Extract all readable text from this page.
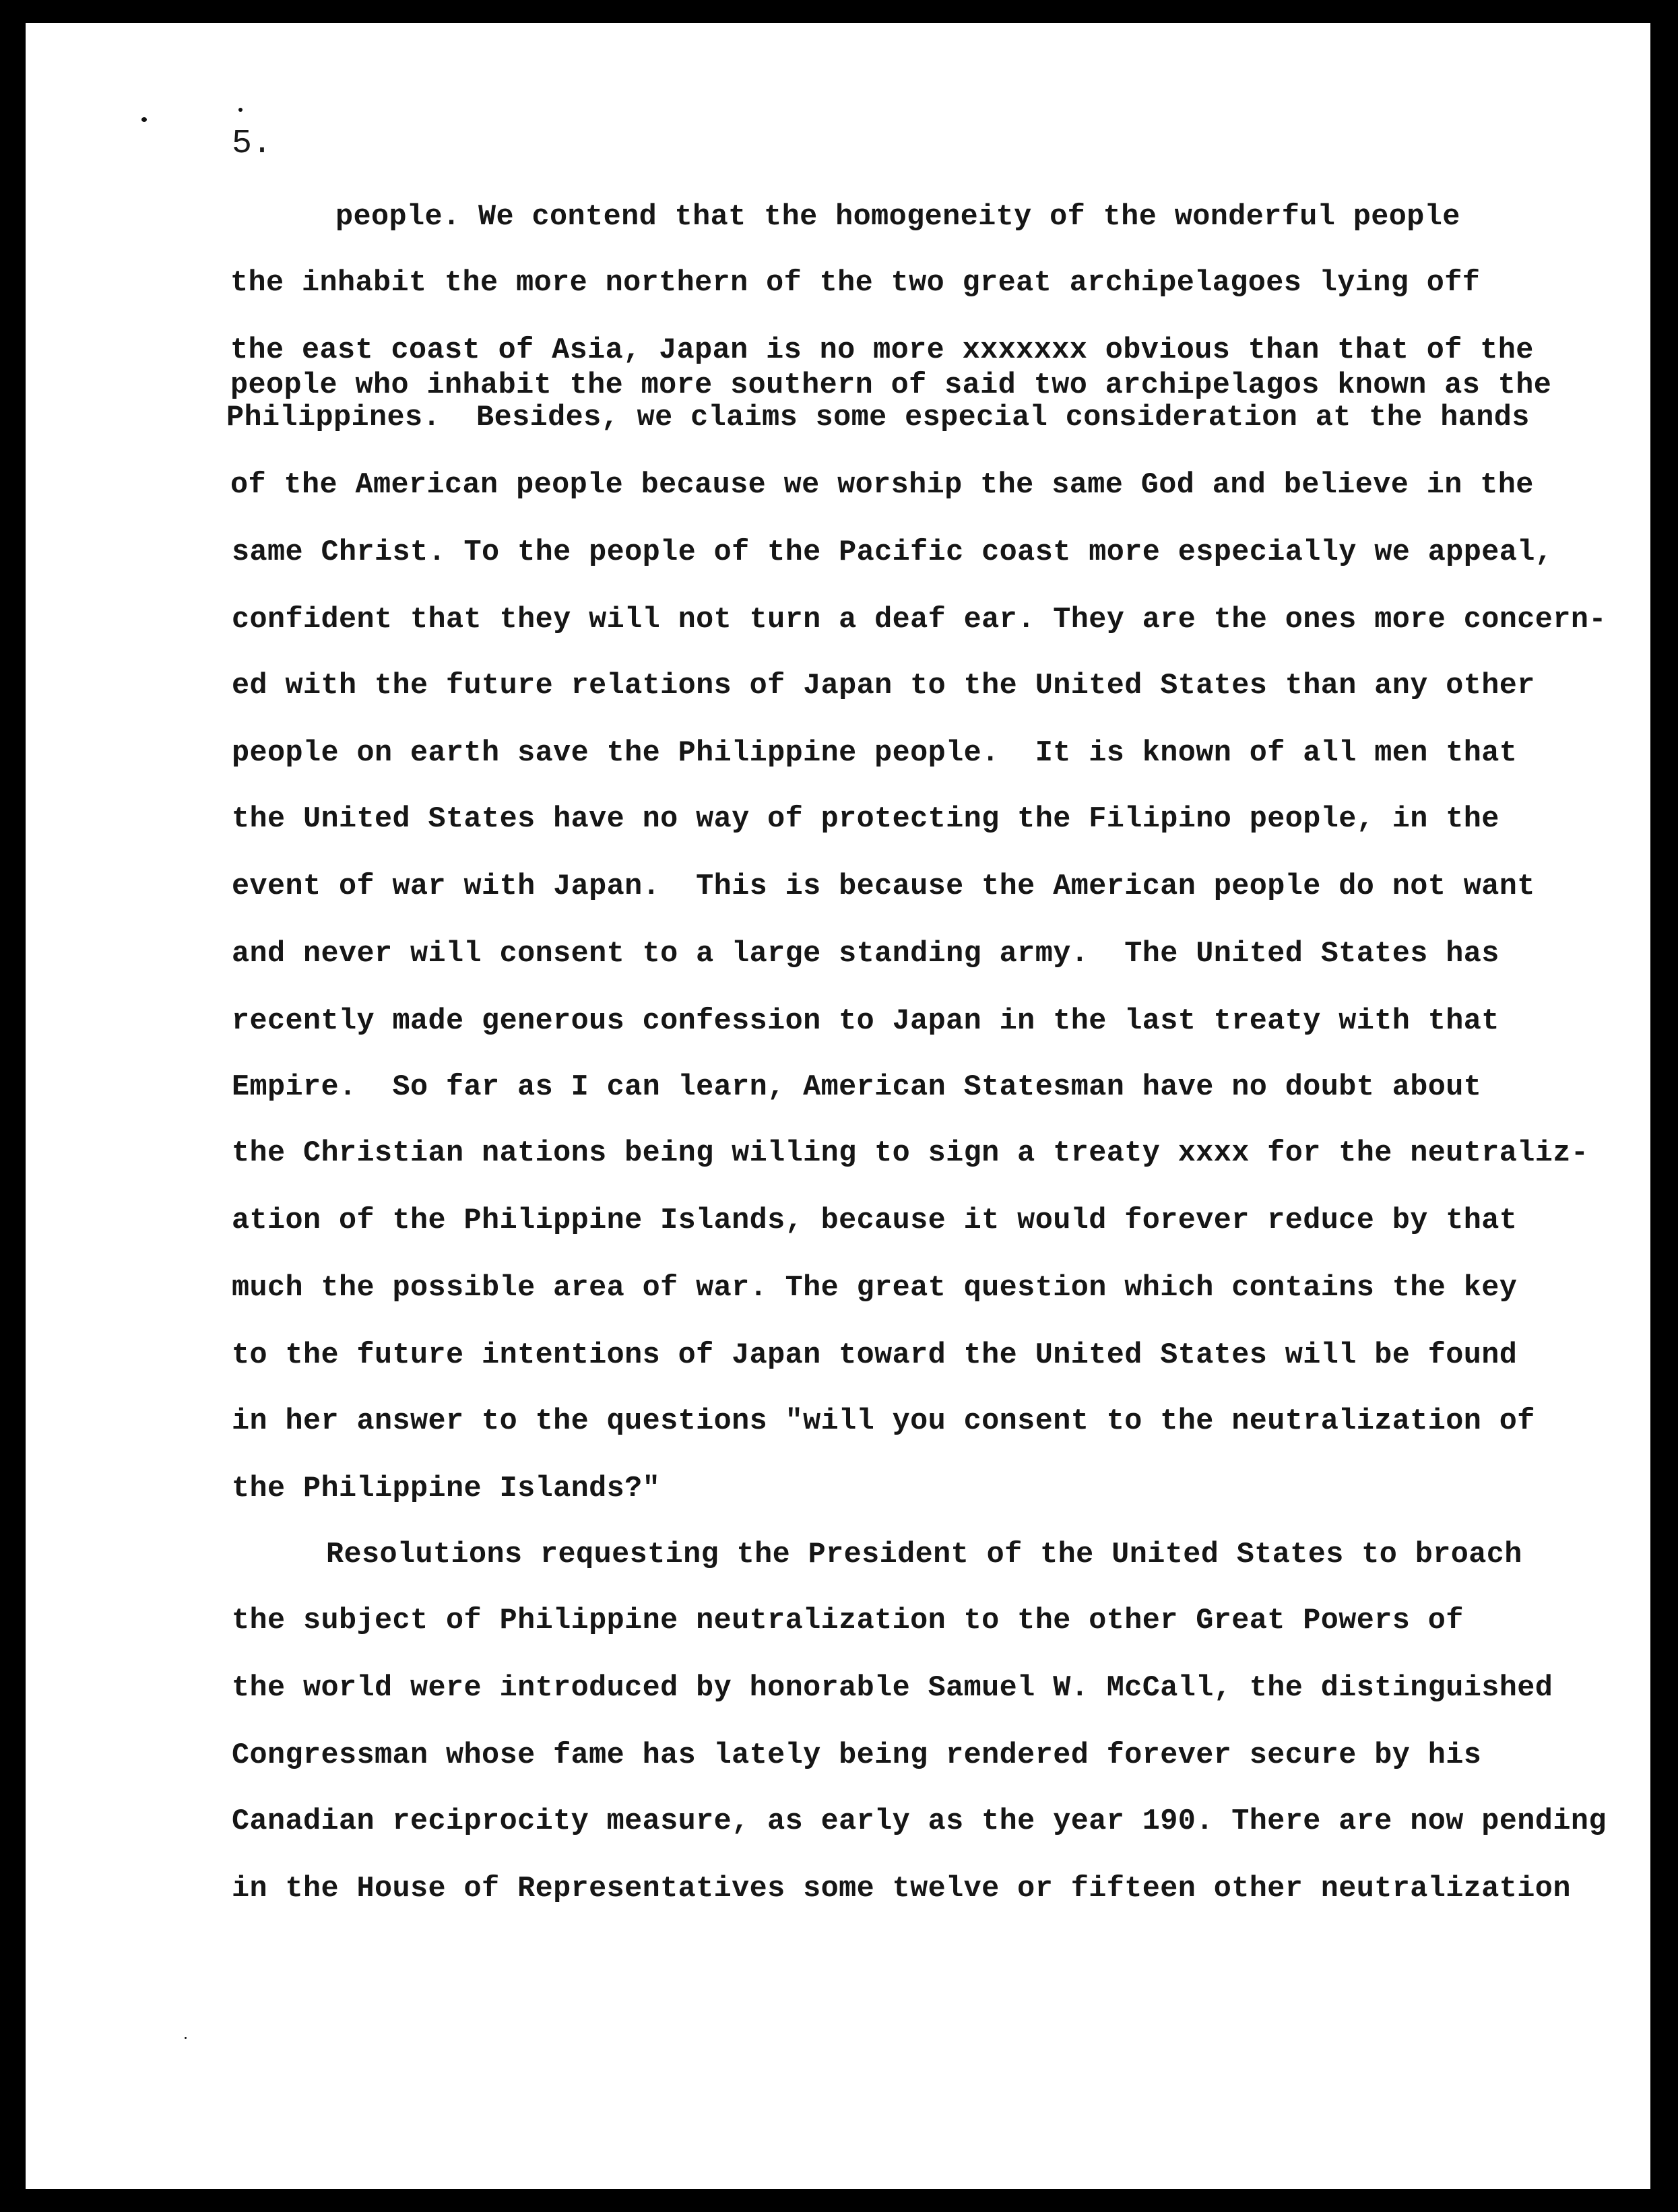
5.

people. We contend that the homogeneity of the wonderful people
the inhabit the more northern of the two great archipelagoes lying off
the east coast of Asia, Japan is no more xxxxxxx obvious than that of the
people who inhabit the more southern of said two archipelagos known as the
Philippines.  Besides, we claims some especial consideration at the hands
of the American people because we worship the same God and believe in the
same Christ. To the people of the Pacific coast more especially we appeal,
confident that they will not turn a deaf ear. They are the ones more concern-
ed with the future relations of Japan to the United States than any other
people on earth save the Philippine people.  It is known of all men that
the United States have no way of protecting the Filipino people, in the
event of war with Japan.  This is because the American people do not want
and never will consent to a large standing army.  The United States has
recently made generous confession to Japan in the last treaty with that
Empire.  So far as I can learn, American Statesman have no doubt about
the Christian nations being willing to sign a treaty xxxx for the neutraliz-
ation of the Philippine Islands, because it would forever reduce by that
much the possible area of war. The great question which contains the key
to the future intentions of Japan toward the United States will be found
in her answer to the questions "will you consent to the neutralization of
the Philippine Islands?"
Resolutions requesting the President of the United States to broach
the subject of Philippine neutralization to the other Great Powers of
the world were introduced by honorable Samuel W. McCall, the distinguished
Congressman whose fame has lately being rendered forever secure by his
Canadian reciprocity measure, as early as the year 190. There are now pending
in the House of Representatives some twelve or fifteen other neutralization
